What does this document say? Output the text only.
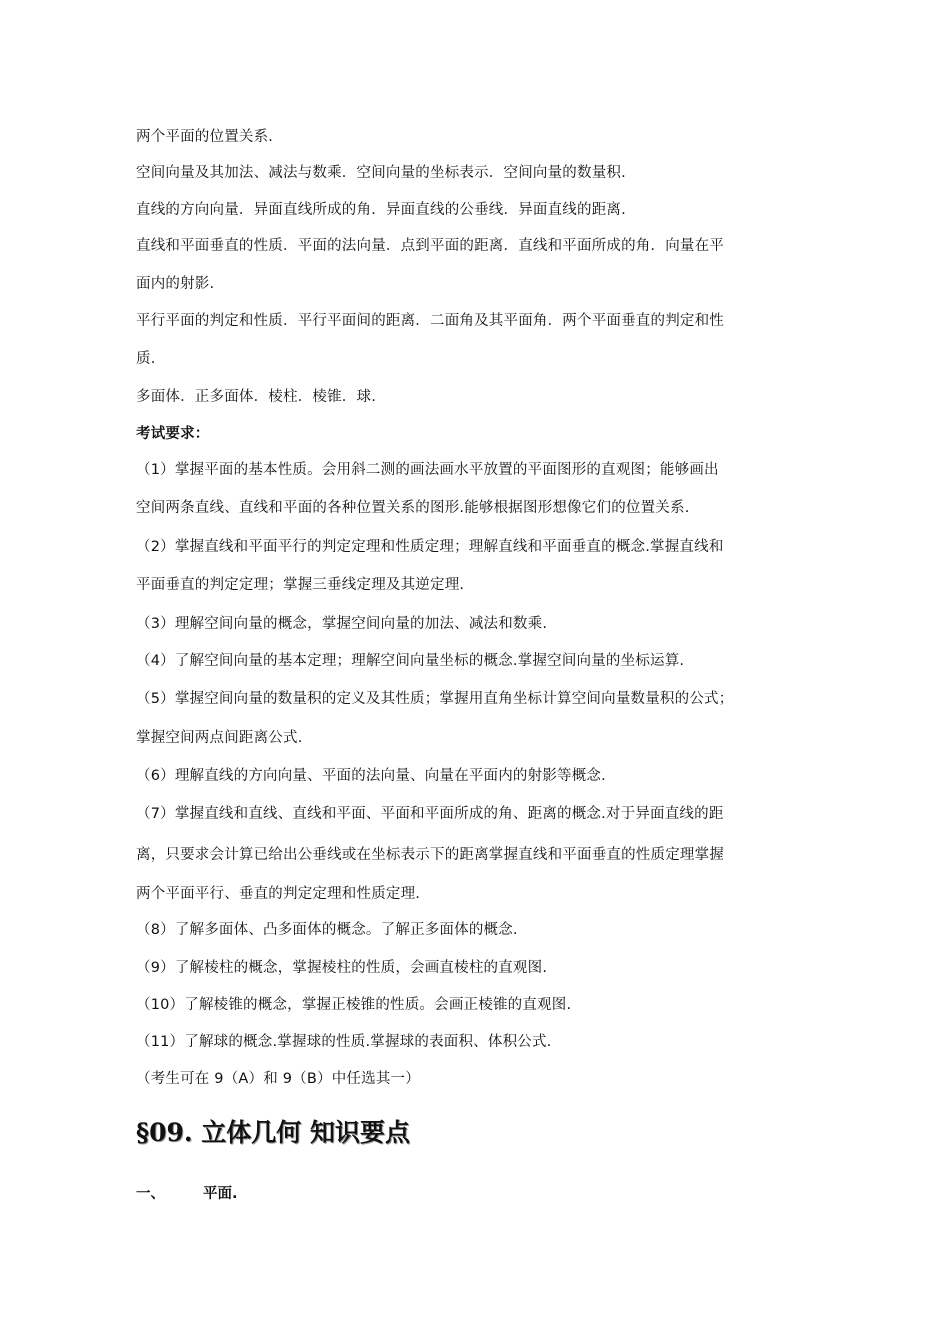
两个平面的位置关系.
空间向量及其加法、减法与数乘．空间向量的坐标表示．空间向量的数量积.
直线的方向向量．异面直线所成的角．异面直线的公垂线．异面直线的距离.
直线和平面垂直的性质．平面的法向量．点到平面的距离．直线和平面所成的角．向量在平
面内的射影.
平行平面的判定和性质．平行平面间的距离．二面角及其平面角．两个平面垂直的判定和性
质.
多面体．正多面体．棱柱．棱锥．球.
考试要求：
（1）掌握平面的基本性质。会用斜二测的画法画水平放置的平面图形的直观图；能够画出
空间两条直线、直线和平面的各种位置关系的图形.能够根据图形想像它们的位置关系.
（2）掌握直线和平面平行的判定定理和性质定理；理解直线和平面垂直的概念.掌握直线和
平面垂直的判定定理；掌握三垂线定理及其逆定理.
（3）理解空间向量的概念，掌握空间向量的加法、减法和数乘.
（4）了解空间向量的基本定理；理解空间向量坐标的概念.掌握空间向量的坐标运算.
（5）掌握空间向量的数量积的定义及其性质；掌握用直角坐标计算空间向量数量积的公式；
掌握空间两点间距离公式.
（6）理解直线的方向向量、平面的法向量、向量在平面内的射影等概念.
（7）掌握直线和直线、直线和平面、平面和平面所成的角、距离的概念.对于异面直线的距
离，只要求会计算已给出公垂线或在坐标表示下的距离掌握直线和平面垂直的性质定理掌握
两个平面平行、垂直的判定定理和性质定理.
（8）了解多面体、凸多面体的概念。了解正多面体的概念.
（9）了解棱柱的概念，掌握棱柱的性质，会画直棱柱的直观图.
（10）了解棱锥的概念，掌握正棱锥的性质。会画正棱锥的直观图.
（11）了解球的概念.掌握球的性质.掌握球的表面积、体积公式.
（考生可在 9（A）和 9（B）中任选其一）
§09. 立体几何 知识要点
一、	平面.
